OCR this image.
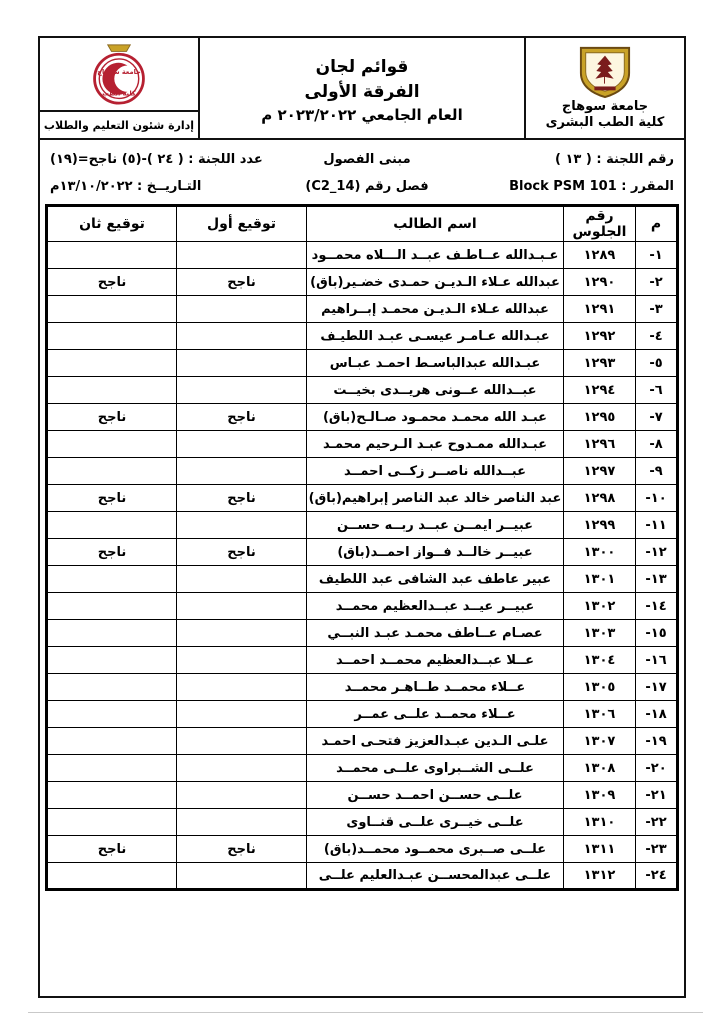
جامعة سوهاج
كلية الطب البشرى
قوائم لجان
الفرقة الأولى
العام الجامعي ٢٠٢٣/٢٠٢٢ م
جامعة سوهاج
كلية الطب
إدارة شئون التعليم والطلاب
رقم اللجنة : ( ١٣ )
مبنى الفصول
عدد اللجنة : ( ٢٤ )-(٥) ناجح=(١٩)
المقرر : Block PSM 101
فصل رقم (C2_14)
التـاريــخ : ١٣/١٠/٢٠٢٢م
م	رقم الجلوس	اسم الطالب	توقيع أول	توقيع ثان
١-	١٢٨٩	عـبـدالله عــاطـف عبــد الـــلاه محمــود		
٢-	١٢٩٠	عبدالله عـلاء الـديـن حمـدى خضـير(باق)	ناجح	ناجح
٣-	١٢٩١	عبدالله عـلاء الـديـن محمـد إبــراهيم		
٤-	١٢٩٢	عبـدالله عـامـر عيسـى عبـد اللطيـف		
٥-	١٢٩٣	عبـدالله عبدالباسـط احمـد عبـاس		
٦-	١٢٩٤	عبــدالله عــونى هريــدى بخيــت		
٧-	١٢٩٥	عبـد الله محمـد محمـود صـالـح(باق)	ناجح	ناجح
٨-	١٢٩٦	عبـدالله ممـدوح عبـد الـرحيم محمـد		
٩-	١٢٩٧	عبــدالله ناصــر زكــى احمــد		
١٠-	١٢٩٨	عبد الناصر خالد عبد الناصر إبراهيم(باق)	ناجح	ناجح
١١-	١٢٩٩	عبيــر ايمــن عبــد ربــه حســن		
١٢-	١٣٠٠	عبيــر خالــد فــواز احمــد(باق)	ناجح	ناجح
١٣-	١٣٠١	عبير عاطف عبد الشافى عبد اللطيف		
١٤-	١٣٠٢	عبيــر عيــد عبــدالعظيم محمــد		
١٥-	١٣٠٣	عصـام عــاطف محمـد عبـد النبــي		
١٦-	١٣٠٤	عــلا عبــدالعظيم محمــد احمــد		
١٧-	١٣٠٥	عــلاء محمــد طــاهـر محمــد		
١٨-	١٣٠٦	عــلاء محمــد علــى عمــر		
١٩-	١٣٠٧	علـى الـدين عبـدالعزيز فتحـى احمـد		
٢٠-	١٣٠٨	علــى الشــبراوى علــى محمــد		
٢١-	١٣٠٩	علــى حســن احمــد حســن		
٢٢-	١٣١٠	علــى خيــرى علــى قنــاوى		
٢٣-	١٣١١	علــى صــبرى محمــود محمــد(باق)	ناجح	ناجح
٢٤-	١٣١٢	علــى عبدالمحســن عبـدالعليم علــى		
